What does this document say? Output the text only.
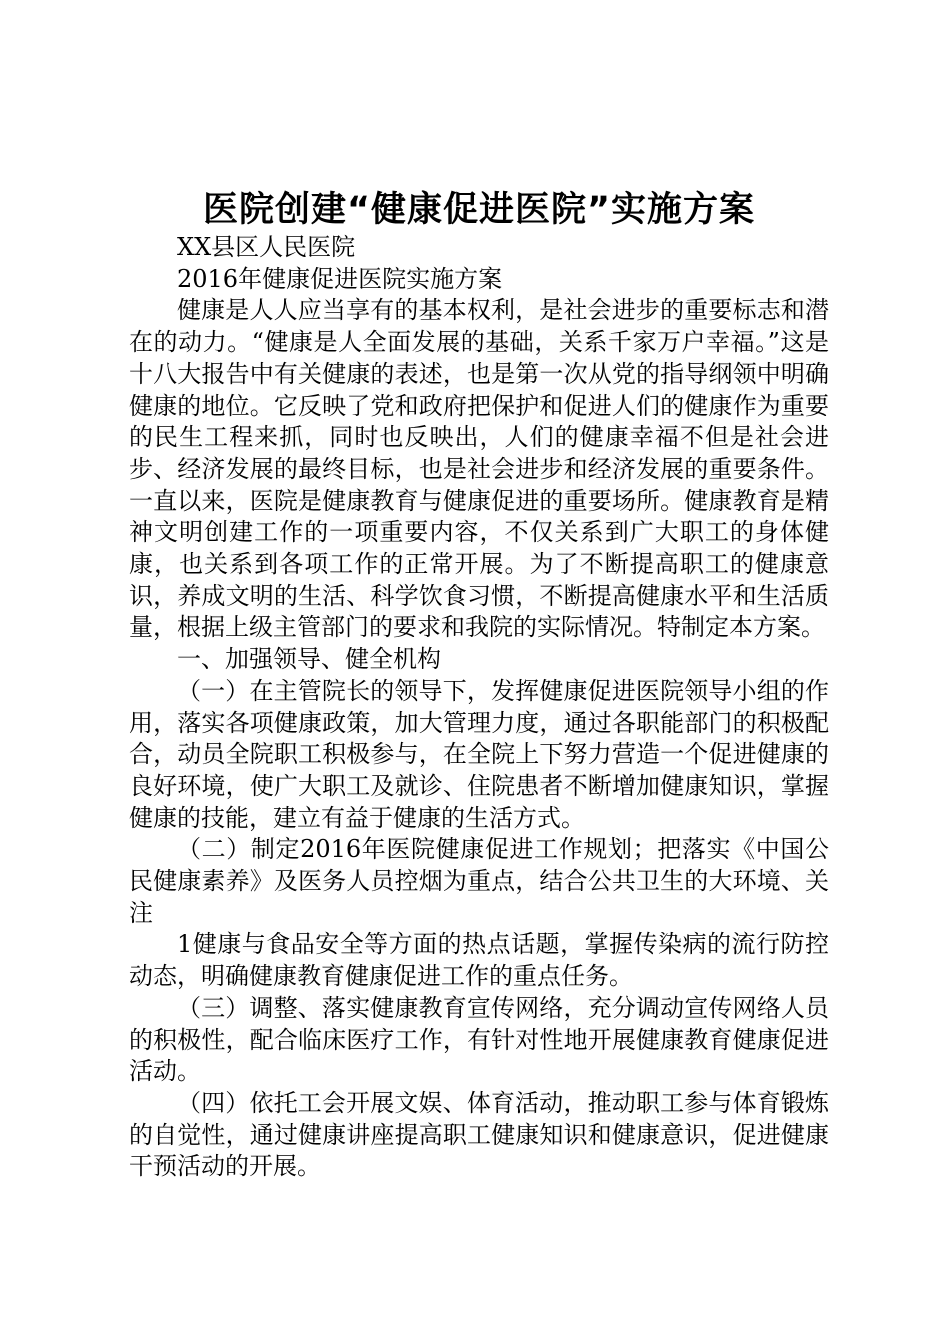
医院创建“健康促进医院”实施方案

XX县区人民医院

2016年健康促进医院实施方案

健康是人人应当享有的基本权利，是社会进步的重要标志和潜在的动力。“健康是人全面发展的基础，关系千家万户幸福。”这是十八大报告中有关健康的表述，也是第一次从党的指导纲领中明确健康的地位。它反映了党和政府把保护和促进人们的健康作为重要的民生工程来抓，同时也反映出，人们的健康幸福不但是社会进步、经济发展的最终目标，也是社会进步和经济发展的重要条件。一直以来，医院是健康教育与健康促进的重要场所。健康教育是精神文明创建工作的一项重要内容，不仅关系到广大职工的身体健康，也关系到各项工作的正常开展。为了不断提高职工的健康意识，养成文明的生活、科学饮食习惯，不断提高健康水平和生活质量，根据上级主管部门的要求和我院的实际情况。特制定本方案。

一、加强领导、健全机构

（一）在主管院长的领导下，发挥健康促进医院领导小组的作用，落实各项健康政策，加大管理力度，通过各职能部门的积极配合，动员全院职工积极参与，在全院上下努力营造一个促进健康的良好环境，使广大职工及就诊、住院患者不断增加健康知识，掌握健康的技能，建立有益于健康的生活方式。

（二）制定2016年医院健康促进工作规划；把落实《中国公民健康素养》及医务人员控烟为重点，结合公共卫生的大环境、关注

1健康与食品安全等方面的热点话题，掌握传染病的流行防控动态，明确健康教育健康促进工作的重点任务。

（三）调整、落实健康教育宣传网络，充分调动宣传网络人员的积极性，配合临床医疗工作，有针对性地开展健康教育健康促进活动。

（四）依托工会开展文娱、体育活动，推动职工参与体育锻炼的自觉性，通过健康讲座提高职工健康知识和健康意识，促进健康干预活动的开展。
